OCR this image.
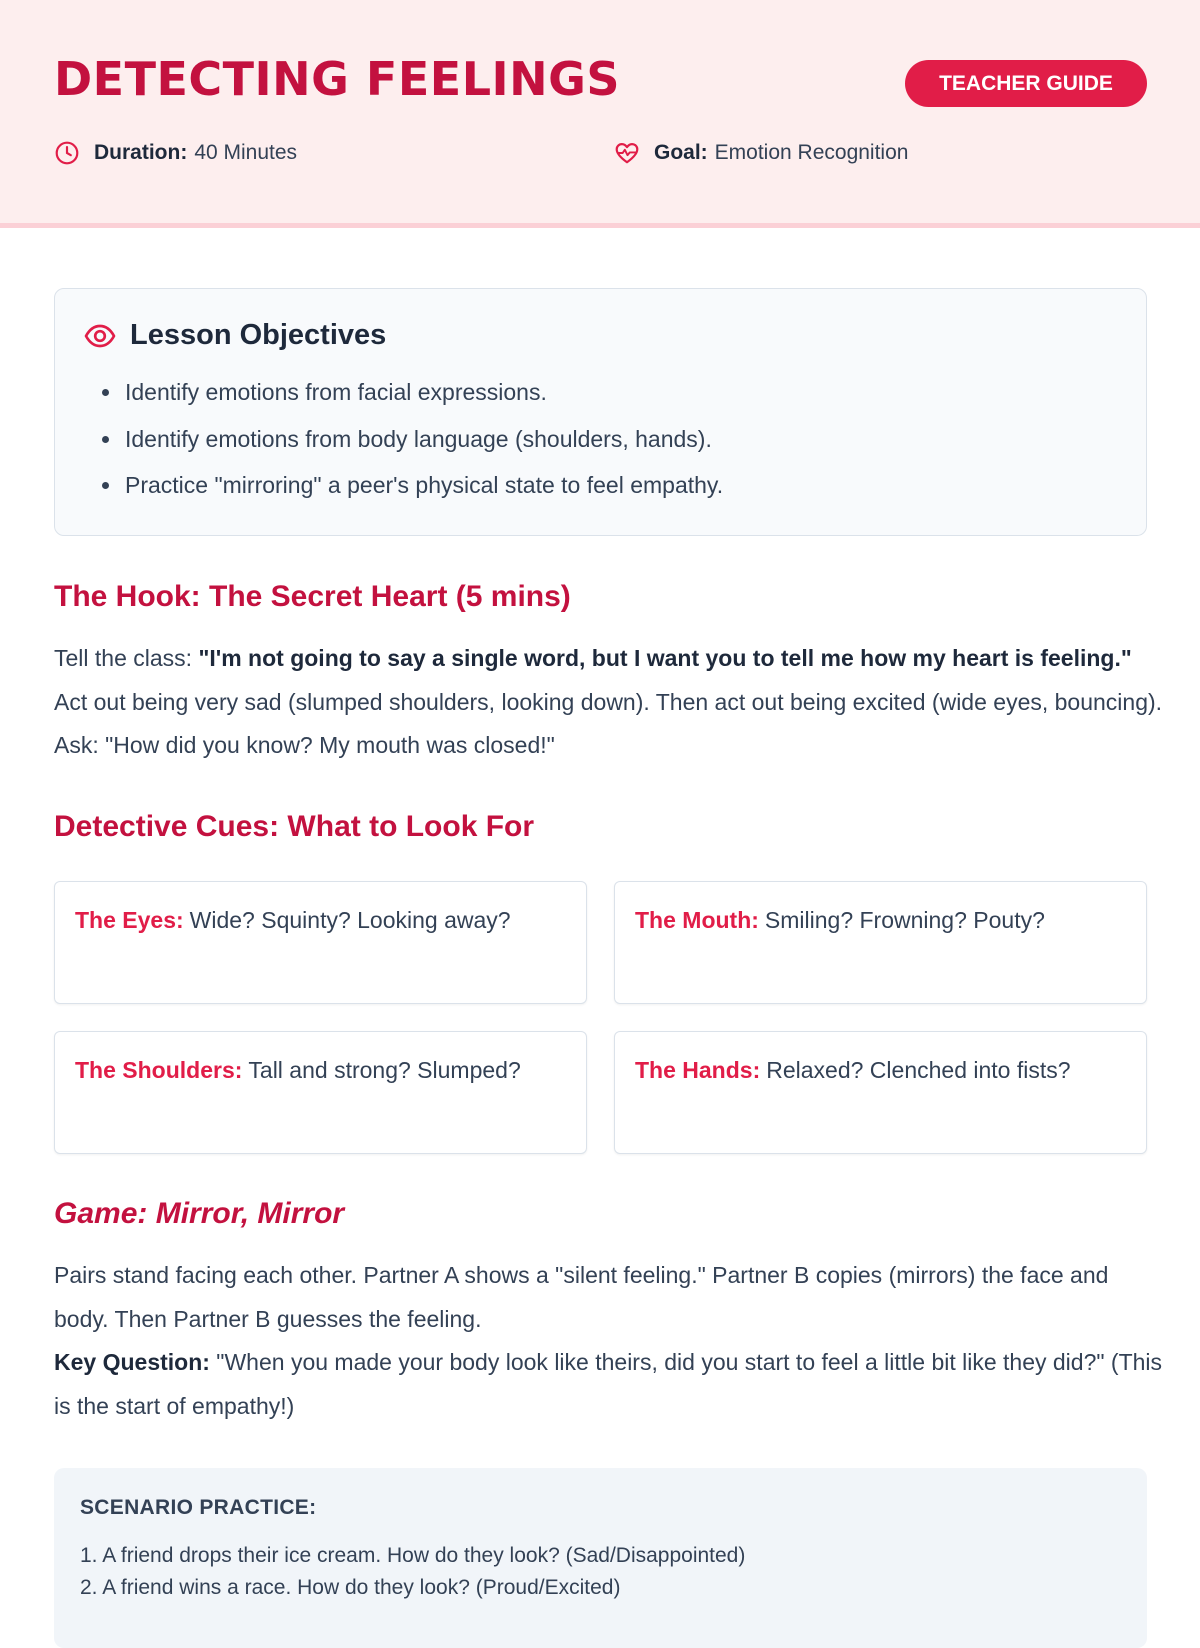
DETECTING FEELINGS	TEACHER GUIDE
Duration: 40 Minutes	Goal: Emotion Recognition
Lesson Objectives
• Identify emotions from facial expressions.
• Identify emotions from body language (shoulders, hands).
• Practice "mirroring" a peer's physical state to feel empathy.
The Hook: The Secret Heart (5 mins)

Tell the class: "I'm not going to say a single word, but I want you to tell me how my heart is feeling." Act out being very sad (slumped shoulders, looking down). Then act out being excited (wide eyes, bouncing). Ask: "How did you know? My mouth was closed!"

Detective Cues: What to Look For
The Eyes: Wide? Squinty? Looking away?	The Mouth: Smiling? Frowning? Pouty?
The Shoulders: Tall and strong? Slumped?	The Hands: Relaxed? Clenched into fists?
Game: Mirror, Mirror

Pairs stand facing each other. Partner A shows a "silent feeling." Partner B copies (mirrors) the face and body. Then Partner B guesses the feeling.

Key Question: "When you made your body look like theirs, did you start to feel a little bit like they did?" (This is the start of empathy!)

SCENARIO PRACTICE:
1. A friend drops their ice cream. How do they look? (Sad/Disappointed)
2. A friend wins a race. How do they look? (Proud/Excited)
